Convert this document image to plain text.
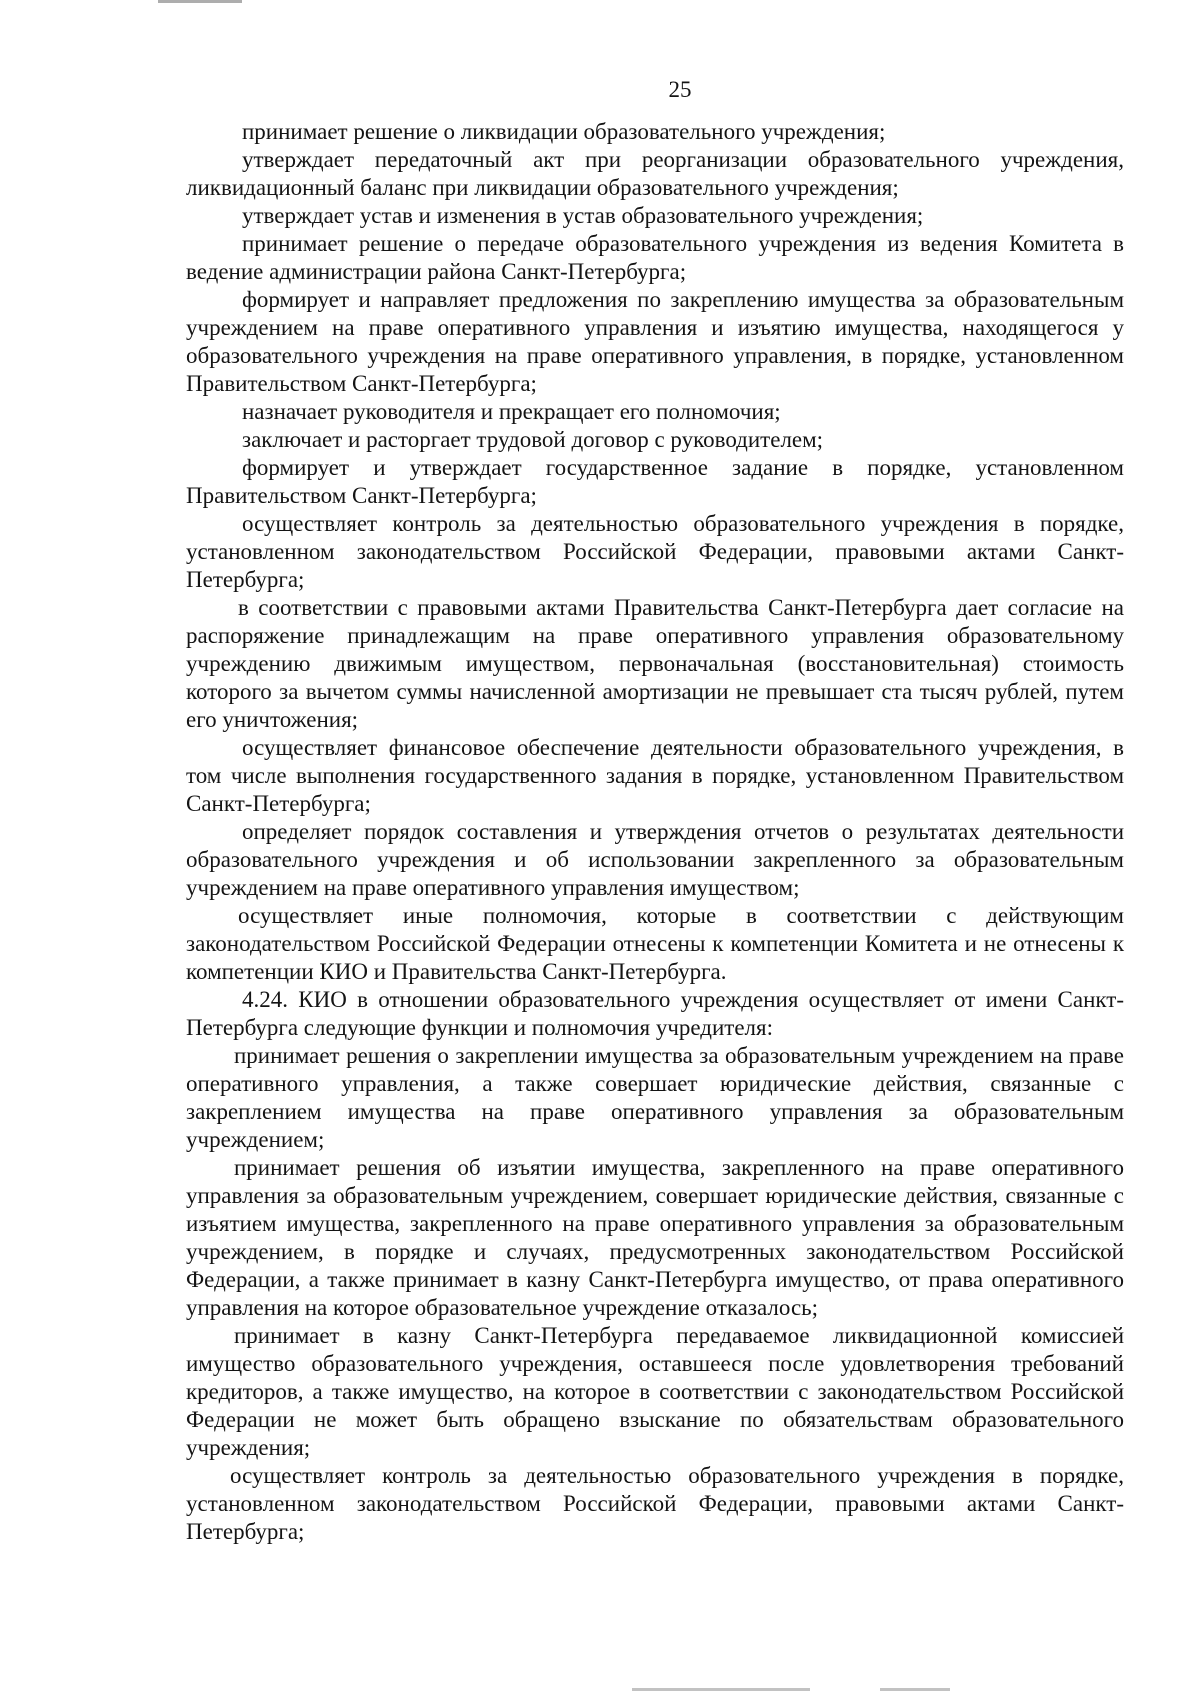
25

принимает решение о ликвидации образовательного учреждения;

утверждает передаточный акт при реорганизации образовательного учреждения, ликвидационный баланс при ликвидации образовательного учреждения;

утверждает устав и изменения в устав образовательного учреждения;

принимает решение о передаче образовательного учреждения из ведения Комитета в ведение администрации района Санкт-Петербурга;

формирует и направляет предложения по закреплению имущества за образовательным учреждением на праве оперативного управления и изъятию имущества, находящегося у образовательного учреждения на праве оперативного управления, в порядке, установленном Правительством Санкт-Петербурга;

назначает руководителя и прекращает его полномочия;

заключает и расторгает трудовой договор с руководителем;

формирует и утверждает государственное задание в порядке, установленном Правительством Санкт-Петербурга;

осуществляет контроль за деятельностью образовательного учреждения в порядке, установленном законодательством Российской Федерации, правовыми актами Санкт-Петербурга;

в соответствии с правовыми актами Правительства Санкт-Петербурга дает согласие на распоряжение принадлежащим на праве оперативного управления образовательному учреждению движимым имуществом, первоначальная (восстановительная) стоимость которого за вычетом суммы начисленной амортизации не превышает ста тысяч рублей, путем его уничтожения;

осуществляет финансовое обеспечение деятельности образовательного учреждения, в том числе выполнения государственного задания в порядке, установленном Правительством Санкт-Петербурга;

определяет порядок составления и утверждения отчетов о результатах деятельности образовательного учреждения и об использовании закрепленного за образовательным учреждением на праве оперативного управления имуществом;

осуществляет иные полномочия, которые в соответствии с действующим законодательством Российской Федерации отнесены к компетенции Комитета и не отнесены к компетенции КИО и Правительства Санкт-Петербурга.

4.24. КИО в отношении образовательного учреждения осуществляет от имени Санкт-Петербурга следующие функции и полномочия учредителя:

принимает решения о закреплении имущества за образовательным учреждением на праве оперативного управления, а также совершает юридические действия, связанные с закреплением имущества на праве оперативного управления за образовательным учреждением;

принимает решения об изъятии имущества, закрепленного на праве оперативного управления за образовательным учреждением, совершает юридические действия, связанные с изъятием имущества, закрепленного на праве оперативного управления за образовательным учреждением, в порядке и случаях, предусмотренных законодательством Российской Федерации, а также принимает в казну Санкт-Петербурга имущество, от права оперативного управления на которое образовательное учреждение отказалось;

принимает в казну Санкт-Петербурга передаваемое ликвидационной комиссией имущество образовательного учреждения, оставшееся после удовлетворения требований кредиторов, а также имущество, на которое в соответствии с законодательством Российской Федерации не может быть обращено взыскание по обязательствам образовательного учреждения;

осуществляет контроль за деятельностью образовательного учреждения в порядке, установленном законодательством Российской Федерации, правовыми актами Санкт-Петербурга;
